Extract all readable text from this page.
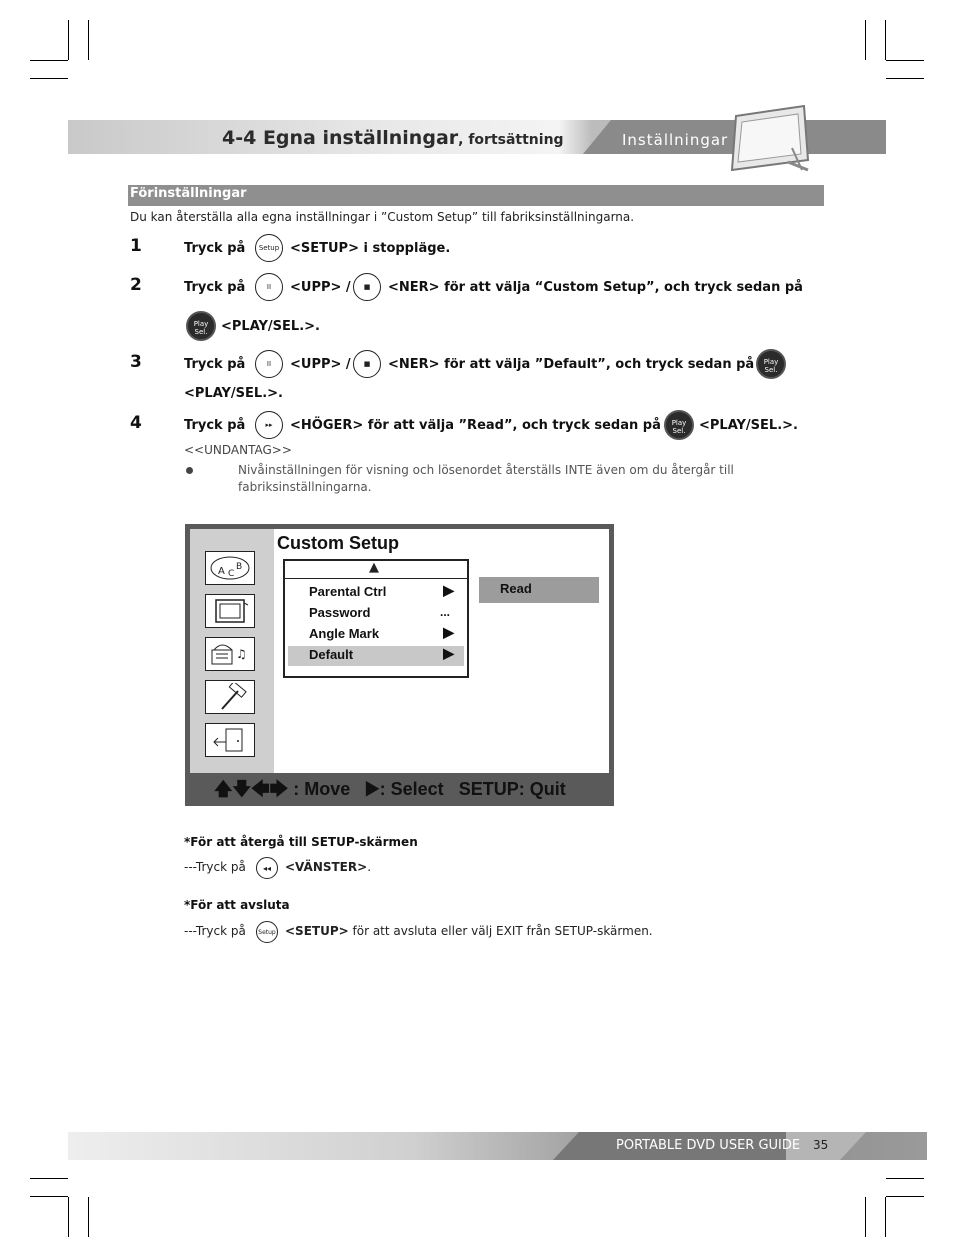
4-4 Egna inställningar, fortsättning	Inställningar
Förinställningar
Du kan återställa alla egna inställningar i ”Custom Setup” till fabriksinställningarna.
1	Tryck på Setup <SETUP> i stoppläge.
2	Tryck på	II <UPP> / ■ <NER> för att välja “Custom Setup”, och tryck sedan på
Play
Sel.	<PLAY/SEL.>.
3	Tryck på	II <UPP> / ■ <NER> för att välja ”Default”, och tryck sedan på	Play
Sel.
<PLAY/SEL.>.
4	Tryck på	▸▸ <HÖGER> för att välja ”Read”, och tryck sedan på	Play
Sel.	<PLAY/SEL.>.
<<UNDANTAG>>
Nivåinställningen för visning och lösenordet återställs INTE även om du återgår till fabriksinställningarna.
A C
B
♫
Custom Setup
▲
Parental Ctrl	▶
Password	...
Angle Mark	▶
Default	▶
Read
🡅🡇🡄🡆 : Move ▶: Select SETUP: Quit
*För att återgå till SETUP-skärmen
---Tryck på ◂◂ <VÄNSTER>.
*För att avsluta
---Tryck på Setup <SETUP> för att avsluta eller välj EXIT från SETUP-skärmen.
PORTABLE DVD USER GUIDE 35
